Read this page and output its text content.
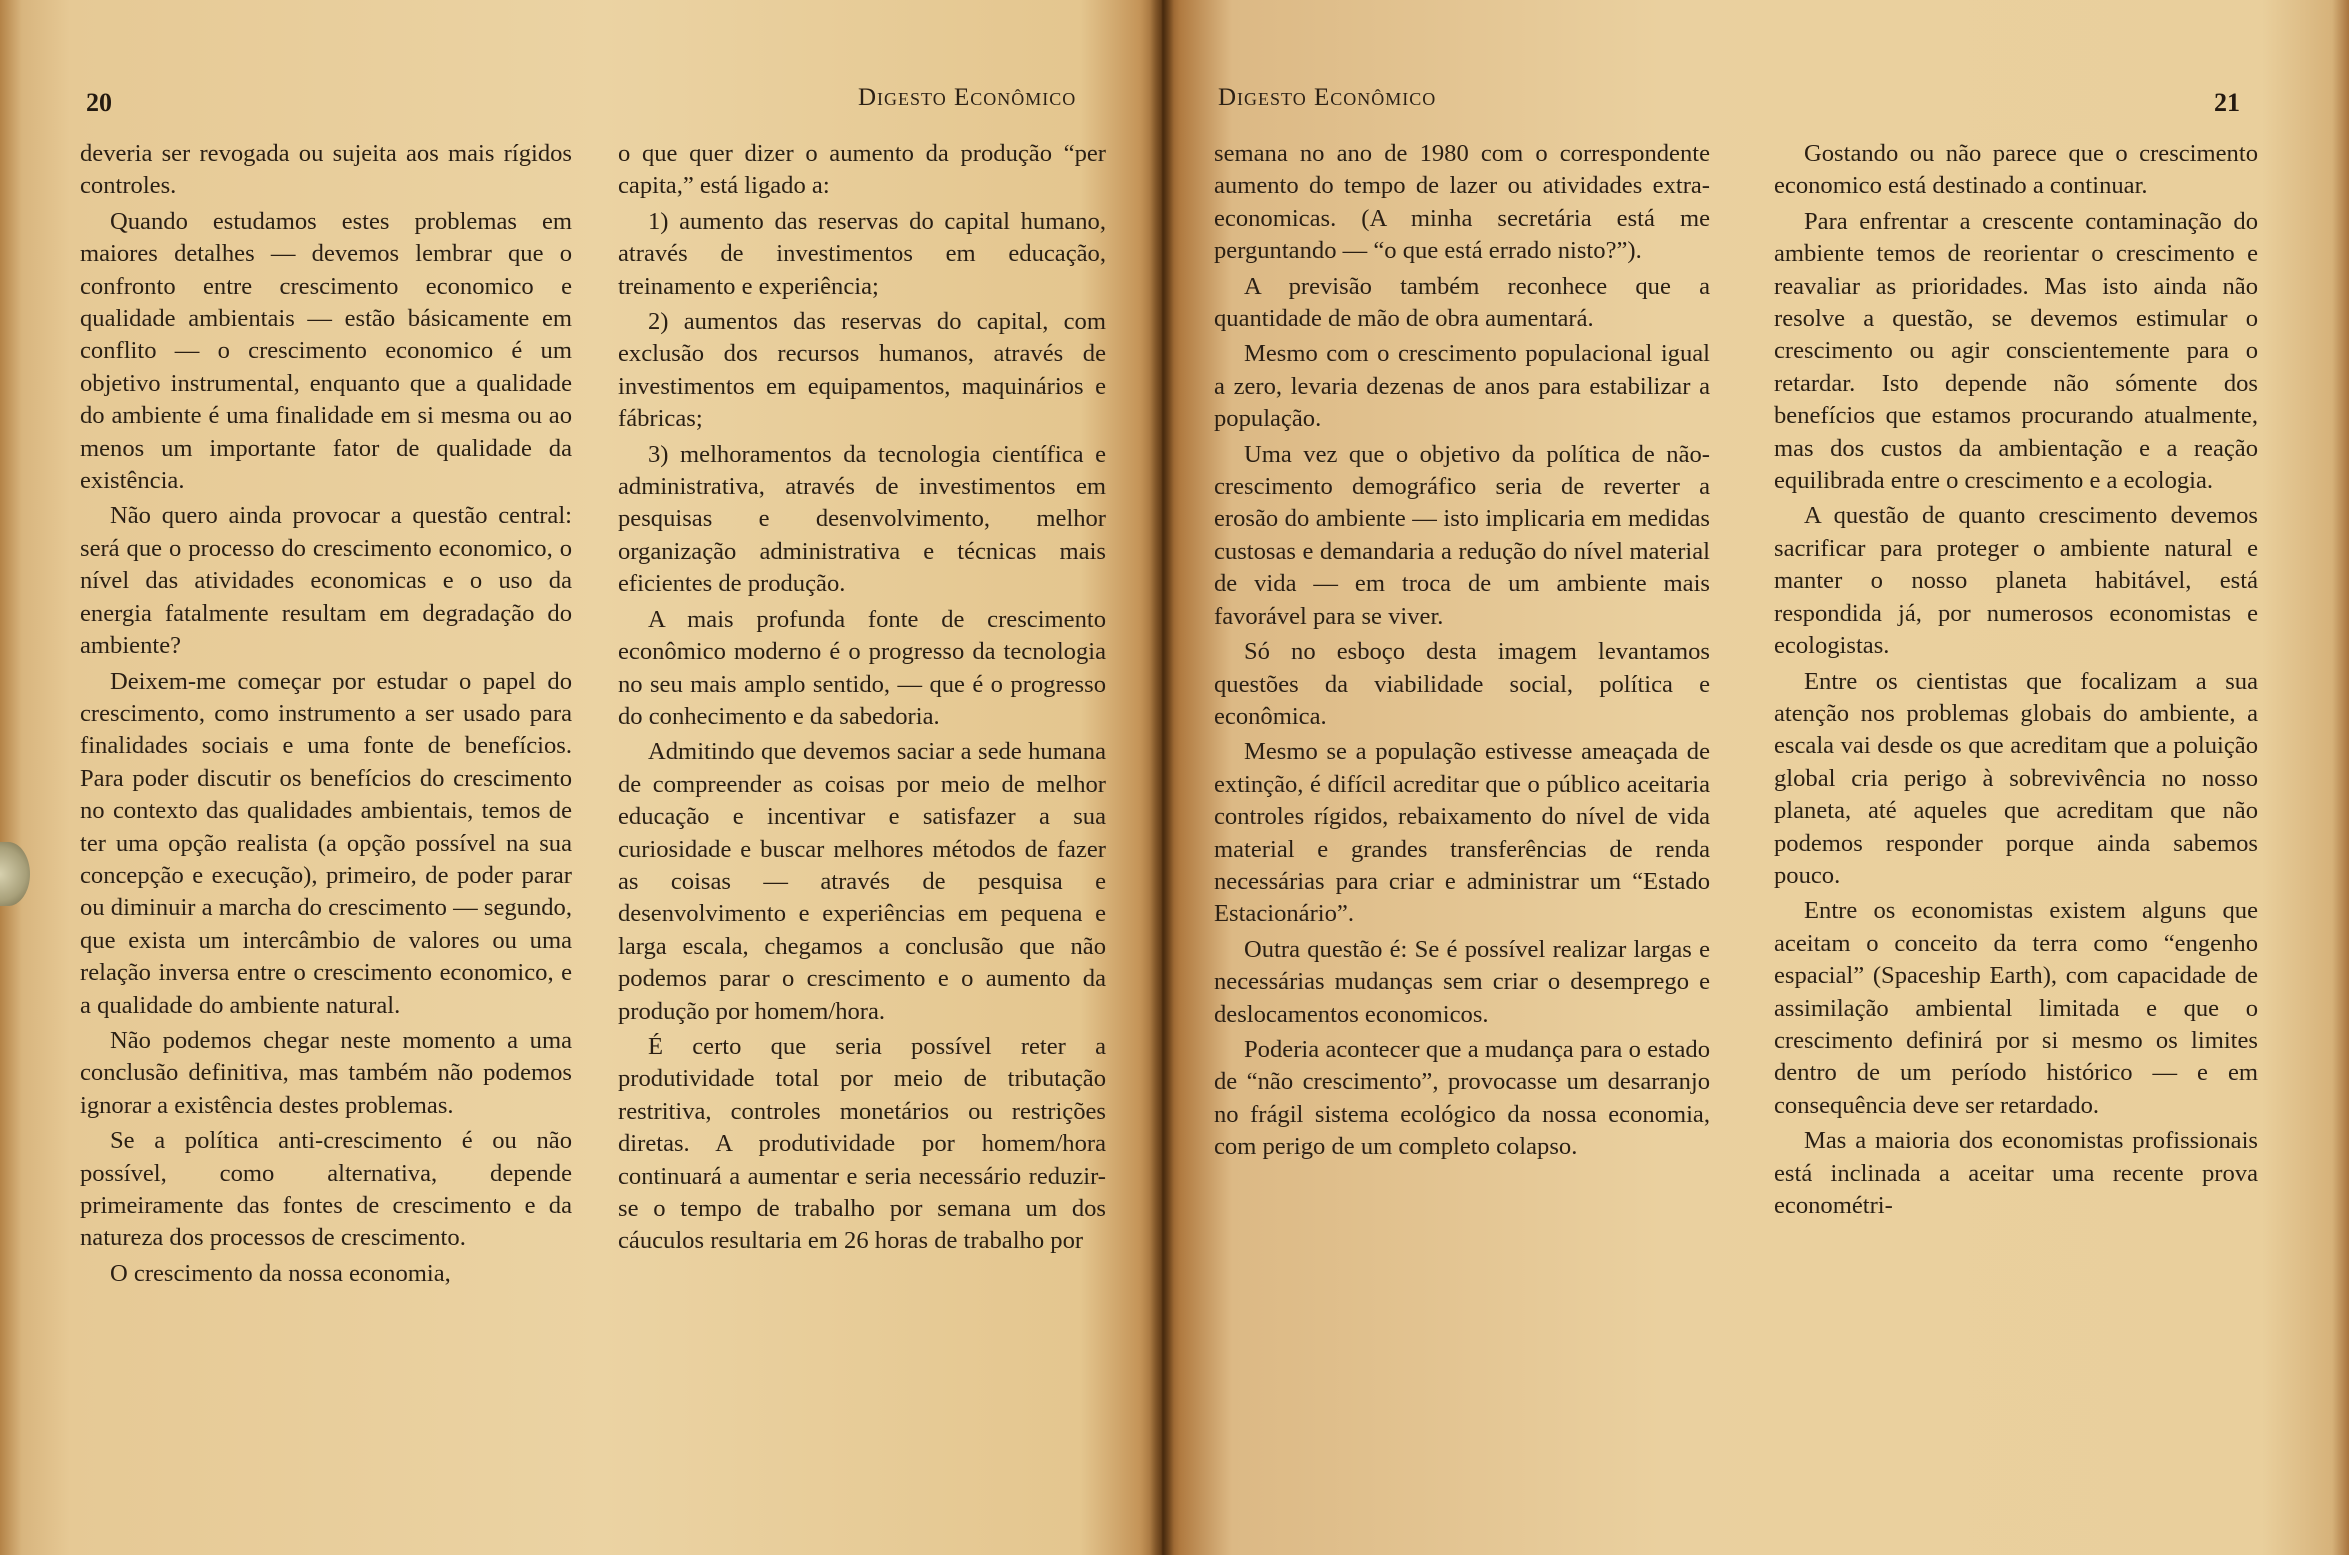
20	Digesto Econômico

deveria ser revogada ou sujeita aos mais rígidos controles.

Quando estudamos estes problemas em maiores detalhes — devemos lembrar que o confronto entre crescimento economico e qualidade ambientais — estão básicamente em conflito — o crescimento economico é um objetivo instrumental, enquanto que a qualidade do ambiente é uma finalidade em si mesma ou ao menos um importante fator de qualidade da existência.

Não quero ainda provocar a questão central: será que o processo do crescimento economico, o nível das atividades economicas e o uso da energia fatalmente resultam em degradação do ambiente?

Deixem-me começar por estudar o papel do crescimento, como instrumento a ser usado para finalidades sociais e uma fonte de benefícios. Para poder discutir os benefícios do crescimento no contexto das qualidades ambientais, temos de ter uma opção realista (a opção possível na sua concepção e execução), primeiro, de poder parar ou diminuir a marcha do crescimento — segundo, que exista um intercâmbio de valores ou uma relação inversa entre o crescimento economico, e a qualidade do ambiente natural.

Não podemos chegar neste momento a uma conclusão definitiva, mas também não podemos ignorar a existência destes problemas.

Se a política anti-crescimento é ou não possível, como alternativa, depende primeiramente das fontes de crescimento e da natureza dos processos de crescimento.

O crescimento da nossa economia,

o que quer dizer o aumento da produção “per capita,” está ligado a:

1) aumento das reservas do capital humano, através de investimentos em educação, treinamento e experiência;

2) aumentos das reservas do capital, com exclusão dos recursos humanos, através de investimentos em equipamentos, maquinários e fábricas;

3) melhoramentos da tecnologia científica e administrativa, através de investimentos em pesquisas e desenvolvimento, melhor organização administrativa e técnicas mais eficientes de produção.

A mais profunda fonte de crescimento econômico moderno é o progresso da tecnologia no seu mais amplo sentido, — que é o progresso do conhecimento e da sabedoria.

Admitindo que devemos saciar a sede humana de compreender as coisas por meio de melhor educação e incentivar e satisfazer a sua curiosidade e buscar melhores métodos de fazer as coisas — através de pesquisa e desenvolvimento e experiências em pequena e larga escala, chegamos a conclusão que não podemos parar o crescimento e o aumento da produção por homem/hora.

É certo que seria possível reter a produtividade total por meio de tributação restritiva, controles monetários ou restrições diretas. A produtividade por homem/hora continuará a aumentar e seria necessário reduzir-se o tempo de trabalho por semana um dos cáuculos resultaria em 26 horas de trabalho por

Digesto Econômico	21

semana no ano de 1980 com o correspondente aumento do tempo de lazer ou atividades extra-economicas. (A minha secretária está me perguntando — “o que está errado nisto?”).

A previsão também reconhece que a quantidade de mão de obra aumentará.

Mesmo com o crescimento populacional igual a zero, levaria dezenas de anos para estabilizar a população.

Uma vez que o objetivo da política de não-crescimento demográfico seria de reverter a erosão do ambiente — isto implicaria em medidas custosas e demandaria a redução do nível material de vida — em troca de um ambiente mais favorável para se viver.

Só no esboço desta imagem levantamos questões da viabilidade social, política e econômica.

Mesmo se a população estivesse ameaçada de extinção, é difícil acreditar que o público aceitaria controles rígidos, rebaixamento do nível de vida material e grandes transferências de renda necessárias para criar e administrar um “Estado Estacionário”.

Outra questão é: Se é possível realizar largas e necessárias mudanças sem criar o desemprego e deslocamentos economicos.

Poderia acontecer que a mudança para o estado de “não crescimento”, provocasse um desarranjo no frágil sistema ecológico da nossa economia, com perigo de um completo colapso.

Gostando ou não parece que o crescimento economico está destinado a continuar.

Para enfrentar a crescente contaminação do ambiente temos de reorientar o crescimento e reavaliar as prioridades. Mas isto ainda não resolve a questão, se devemos estimular o crescimento ou agir conscientemente para o retardar. Isto depende não sómente dos benefícios que estamos procurando atualmente, mas dos custos da ambientação e a reação equilibrada entre o crescimento e a ecologia.

A questão de quanto crescimento devemos sacrificar para proteger o ambiente natural e manter o nosso planeta habitável, está respondida já, por numerosos economistas e ecologistas.

Entre os cientistas que focalizam a sua atenção nos problemas globais do ambiente, a escala vai desde os que acreditam que a poluição global cria perigo à sobrevivência no nosso planeta, até aqueles que acreditam que não podemos responder porque ainda sabemos pouco.

Entre os economistas existem alguns que aceitam o conceito da terra como “engenho espacial” (Spaceship Earth), com capacidade de assimilação ambiental limitada e que o crescimento definirá por si mesmo os limites dentro de um período histórico — e em consequência deve ser retardado.

Mas a maioria dos economistas profissionais está inclinada a aceitar uma recente prova econométri-
